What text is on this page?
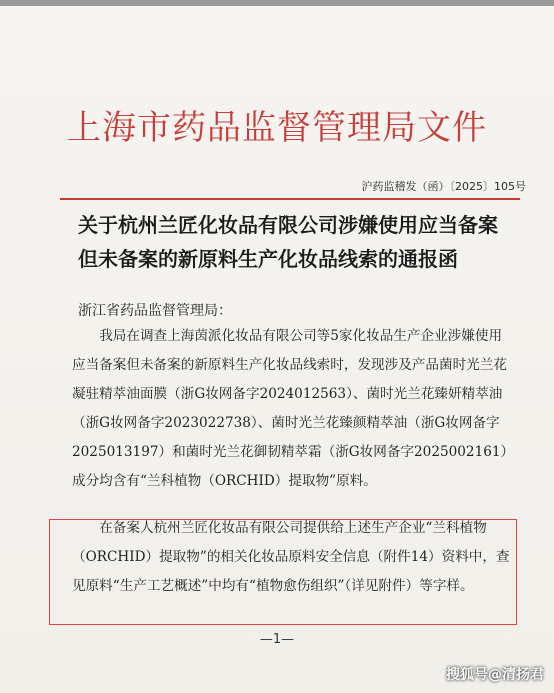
上海市药品监督管理局文件
沪药监稽发（函）〔2025〕105号
关于杭州兰匠化妆品有限公司涉嫌使用应当备案但未备案的新原料生产化妆品线索的通报函
浙江省药品监督管理局：

我局在调查上海茵派化妆品有限公司等5家化妆品生产企业涉嫌使用应当备案但未备案的新原料生产化妆品线索时，发现涉及产品菌时光兰花凝驻精萃油面膜（浙G妆网备字2024012563）、菌时光兰花臻妍精萃油（浙G妆网备字2023022738）、菌时光兰花臻颜精萃油（浙G妆网备字2025013197）和菌时光兰花御韧精萃霜（浙G妆网备字2025002161）成分均含有“兰科植物（ORCHID）提取物”原料。

在备案人杭州兰匠化妆品有限公司提供给上述生产企业“兰科植物（ORCHID）提取物”的相关化妆品原料安全信息（附件14）资料中，查见原料“生产工艺概述”中均有“植物愈伤组织”（详见附件）等字样。

—1—
搜狐号@清扬君
